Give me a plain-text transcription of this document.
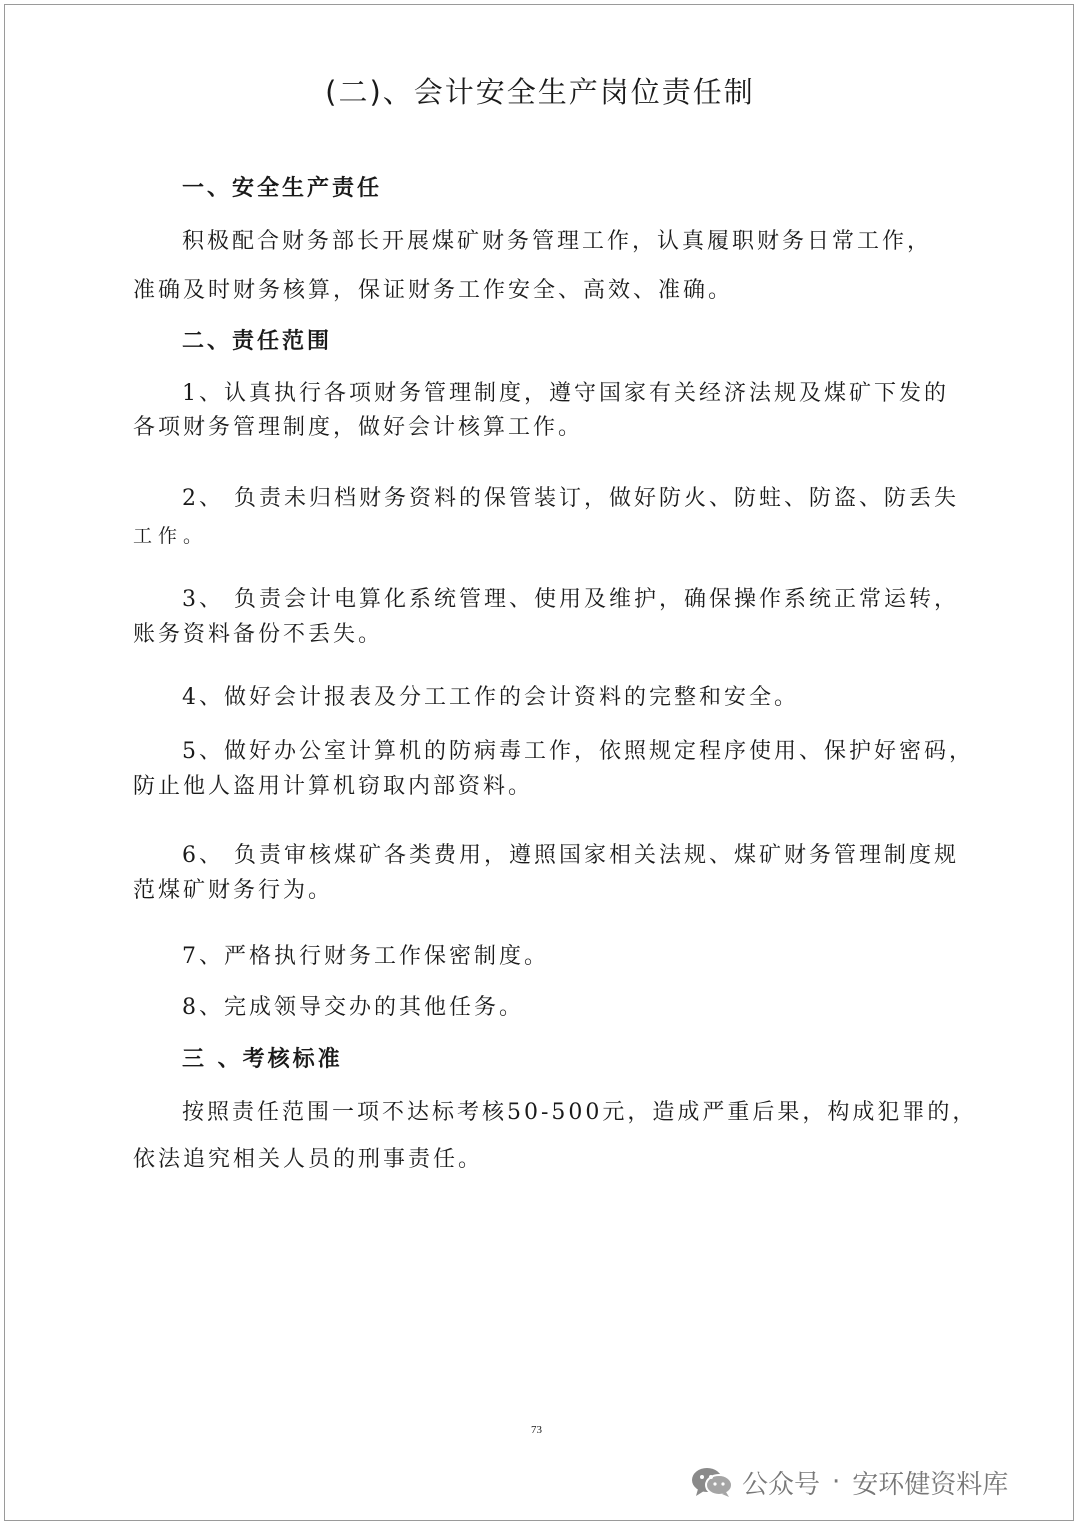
(二)、会计安全生产岗位责任制
一、安全生产责任
积极配合财务部长开展煤矿财务管理工作，认真履职财务日常工作，
准确及时财务核算，保证财务工作安全、高效、准确。
二、责任范围
1、认真执行各项财务管理制度，遵守国家有关经济法规及煤矿下发的
各项财务管理制度，做好会计核算工作。
2、 负责未归档财务资料的保管装订，做好防火、防蛀、防盗、防丢失
工作。
3、 负责会计电算化系统管理、使用及维护，确保操作系统正常运转，
账务资料备份不丢失。
4、做好会计报表及分工工作的会计资料的完整和安全。
5、做好办公室计算机的防病毒工作，依照规定程序使用、保护好密码，
防止他人盗用计算机窃取内部资料。
6、 负责审核煤矿各类费用，遵照国家相关法规、煤矿财务管理制度规
范煤矿财务行为。
7、严格执行财务工作保密制度。
8、完成领导交办的其他任务。
三 、考核标准
按照责任范围一项不达标考核50-500元，造成严重后果，构成犯罪的，
依法追究相关人员的刑事责任。
73
公众号 · 安环健资料库
